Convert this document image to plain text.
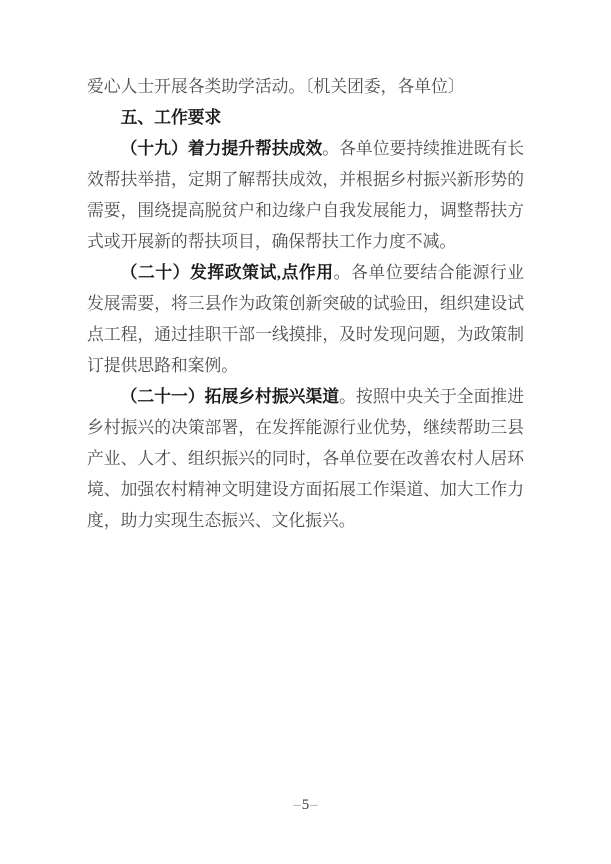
爱心人士开展各类助学活动。〔机关团委，各单位〕

五、工作要求

（十九）着力提升帮扶成效。各单位要持续推进既有长效帮扶举措，定期了解帮扶成效，并根据乡村振兴新形势的需要，围绕提高脱贫户和边缘户自我发展能力，调整帮扶方式或开展新的帮扶项目，确保帮扶工作力度不减。

（二十）发挥政策试,点作用。各单位要结合能源行业发展需要，将三县作为政策创新突破的试验田，组织建设试点工程，通过挂职干部一线摸排，及时发现问题，为政策制订提供思路和案例。

（二十一）拓展乡村振兴渠道。按照中央关于全面推进乡村振兴的决策部署，在发挥能源行业优势，继续帮助三县产业、人才、组织振兴的同时，各单位要在改善农村人居环境、加强农村精神文明建设方面拓展工作渠道、加大工作力度，助力实现生态振兴、文化振兴。

–5–
